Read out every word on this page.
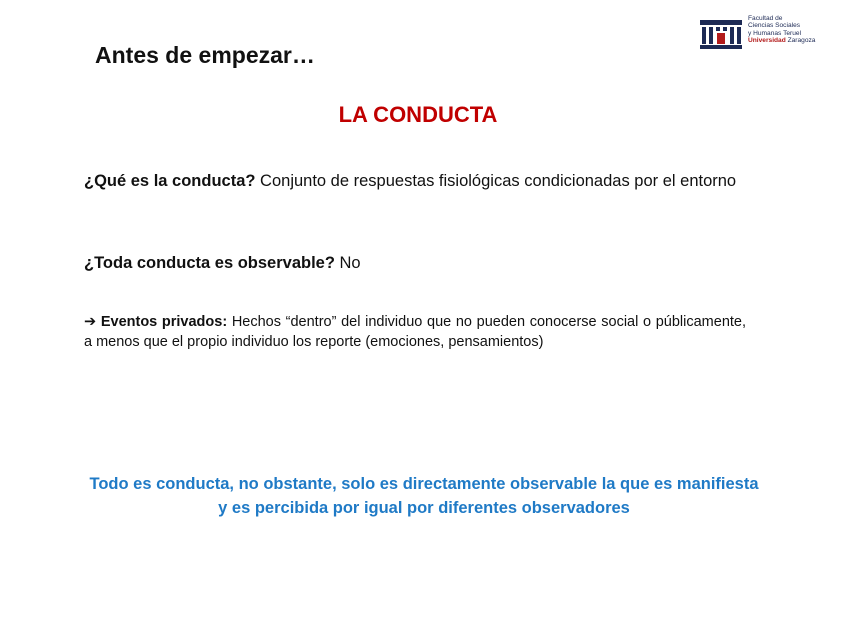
Facultad de
Ciencias Sociales
y Humanas Teruel
Universidad Zaragoza
Antes de empezar…
LA CONDUCTA

¿Qué es la conducta? Conjunto de respuestas fisiológicas condicionadas por el entorno

¿Toda conducta es observable? No

➔ Eventos privados: Hechos “dentro” del individuo que no pueden conocerse social o públicamente, a menos que el propio individuo los reporte (emociones, pensamientos)

Todo es conducta, no obstante, solo es directamente observable la que es manifiesta y es percibida por igual por diferentes observadores
